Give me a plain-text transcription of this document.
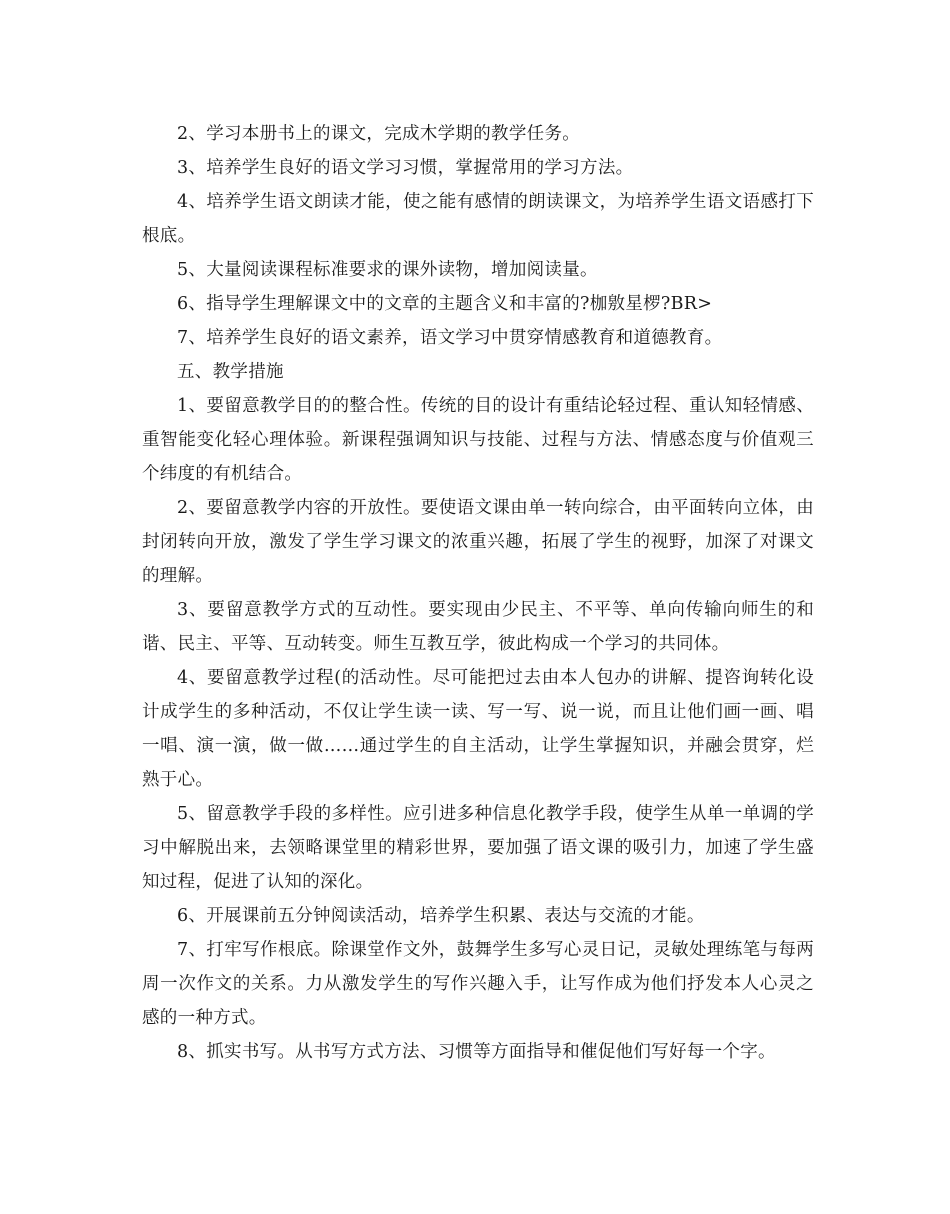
2、学习本册书上的课文，完成木学期的教学任务。

3、培养学生良好的语文学习习惯，掌握常用的学习方法。

4、培养学生语文朗读才能，使之能有感情的朗读课文，为培养学生语文语感打下根底。

5、大量阅读课程标准要求的课外读物，增加阅读量。

6、指导学生理解课文中的文章的主题含义和丰富的?枷敫星椤?BR>

7、培养学生良好的语文素养，语文学习中贯穿情感教育和道德教育。

五、教学措施

1、要留意教学目的的整合性。传统的目的设计有重结论轻过程、重认知轻情感、重智能变化轻心理体验。新课程强调知识与技能、过程与方法、情感态度与价值观三个纬度的有机结合。

2、要留意教学内容的开放性。要使语文课由单一转向综合，由平面转向立体，由封闭转向开放，激发了学生学习课文的浓重兴趣，拓展了学生的视野，加深了对课文的理解。

3、要留意教学方式的互动性。要实现由少民主、不平等、单向传输向师生的和谐、民主、平等、互动转变。师生互教互学，彼此构成一个学习的共同体。

4、要留意教学过程(的活动性。尽可能把过去由本人包办的讲解、提咨询转化设计成学生的多种活动，不仅让学生读一读、写一写、说一说，而且让他们画一画、唱一唱、演一演，做一做……通过学生的自主活动，让学生掌握知识，并融会贯穿，烂熟于心。

5、留意教学手段的多样性。应引进多种信息化教学手段，使学生从单一单调的学习中解脱出来，去领略课堂里的精彩世界，要加强了语文课的吸引力，加速了学生盛知过程，促进了认知的深化。

6、开展课前五分钟阅读活动，培养学生积累、表达与交流的才能。

7、打牢写作根底。除课堂作文外，鼓舞学生多写心灵日记，灵敏处理练笔与每两周一次作文的关系。力从激发学生的写作兴趣入手，让写作成为他们抒发本人心灵之感的一种方式。

8、抓实书写。从书写方式方法、习惯等方面指导和催促他们写好每一个字。
